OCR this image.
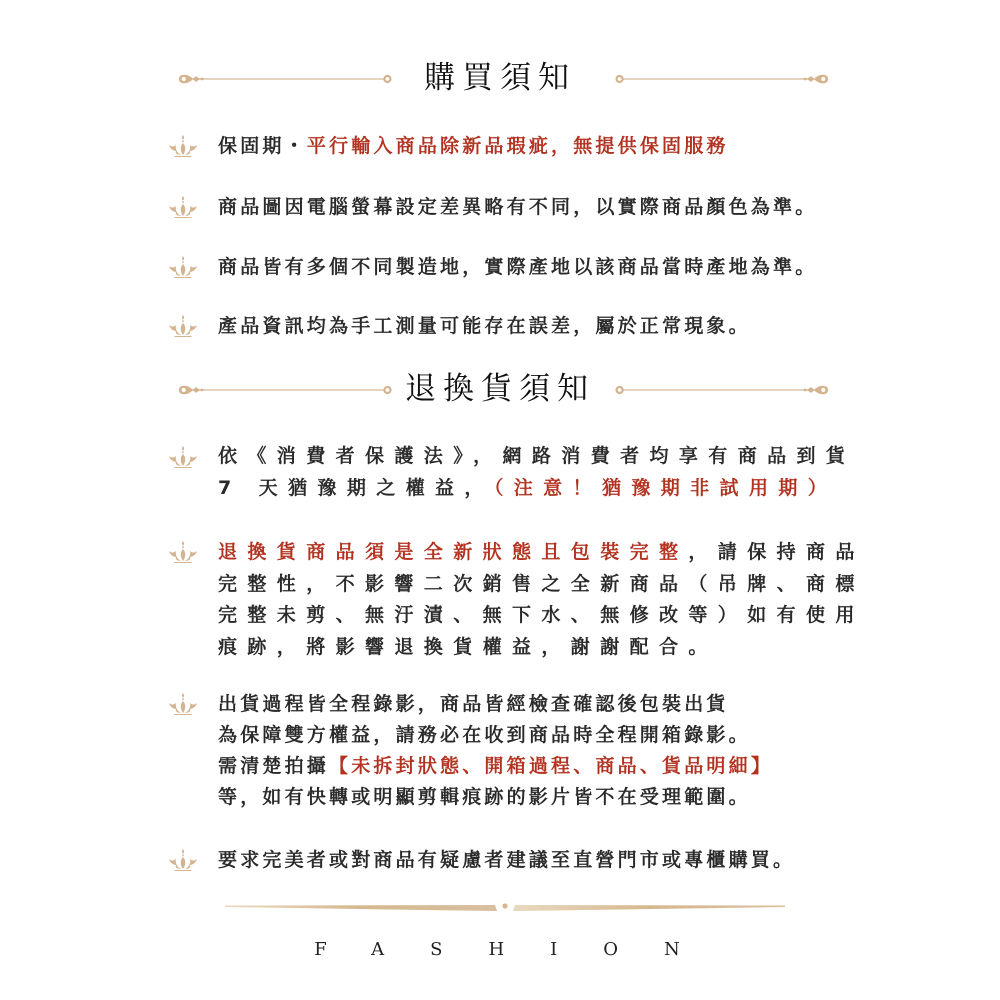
購買須知
保固期・平行輸入商品除新品瑕疵，無提供保固服務
商品圖因電腦螢幕設定差異略有不同，以實際商品顏色為準。
商品皆有多個不同製造地，實際產地以該商品當時產地為準。
產品資訊均為手工測量可能存在誤差，屬於正常現象。
退換貨須知
依《消費者保護法》，網路消費者均享有商品到貨
7 天猶豫期之權益，（注意！猶豫期非試用期）
退換貨商品須是全新狀態且包裝完整，請保持商品
完整性，不影響二次銷售之全新商品（吊牌、商標
完整未剪、無汙漬、無下水、無修改等）如有使用
痕跡，將影響退換貨權益，謝謝配合。
出貨過程皆全程錄影，商品皆經檢查確認後包裝出貨
為保障雙方權益，請務必在收到商品時全程開箱錄影。
需清楚拍攝【未拆封狀態、開箱過程、商品、貨品明細】
等，如有快轉或明顯剪輯痕跡的影片皆不在受理範圍。
要求完美者或對商品有疑慮者建議至直營門市或專櫃購買。
FASHION
